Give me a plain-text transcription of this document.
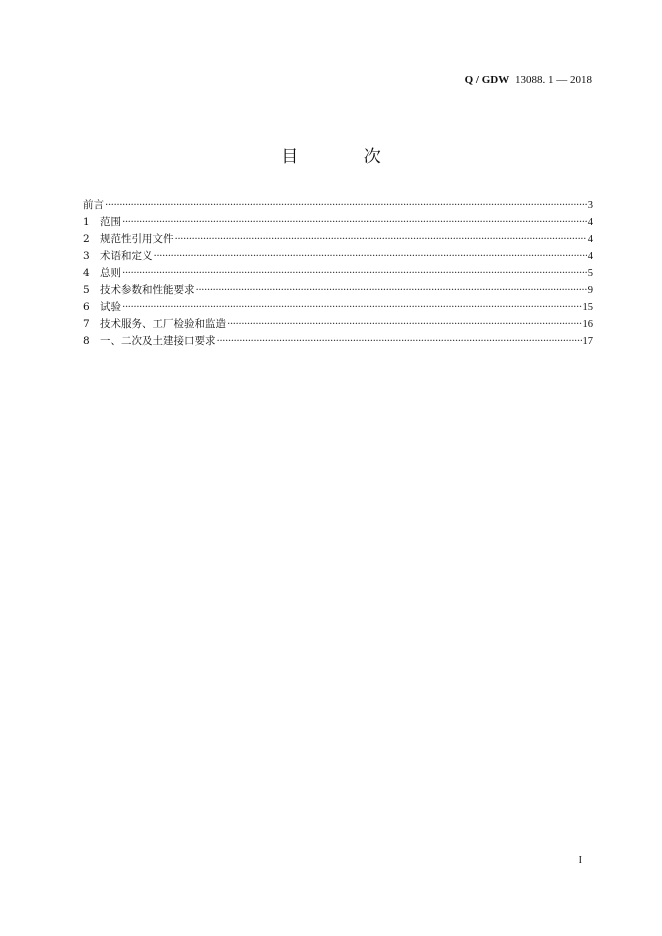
Q / GDW 13088. 1 — 2018
目 次
前言 ·····	3
1 范围 ·····	4
2 规范性引用文件 ·····	4
3 术语和定义 ·····	4
4 总则 ·····	5
5 技术参数和性能要求 ·····	9
6 试验 ·····	15
7 技术服务、工厂检验和监造 ·····	16
8 一、二次及土建接口要求 ·····	17
I
